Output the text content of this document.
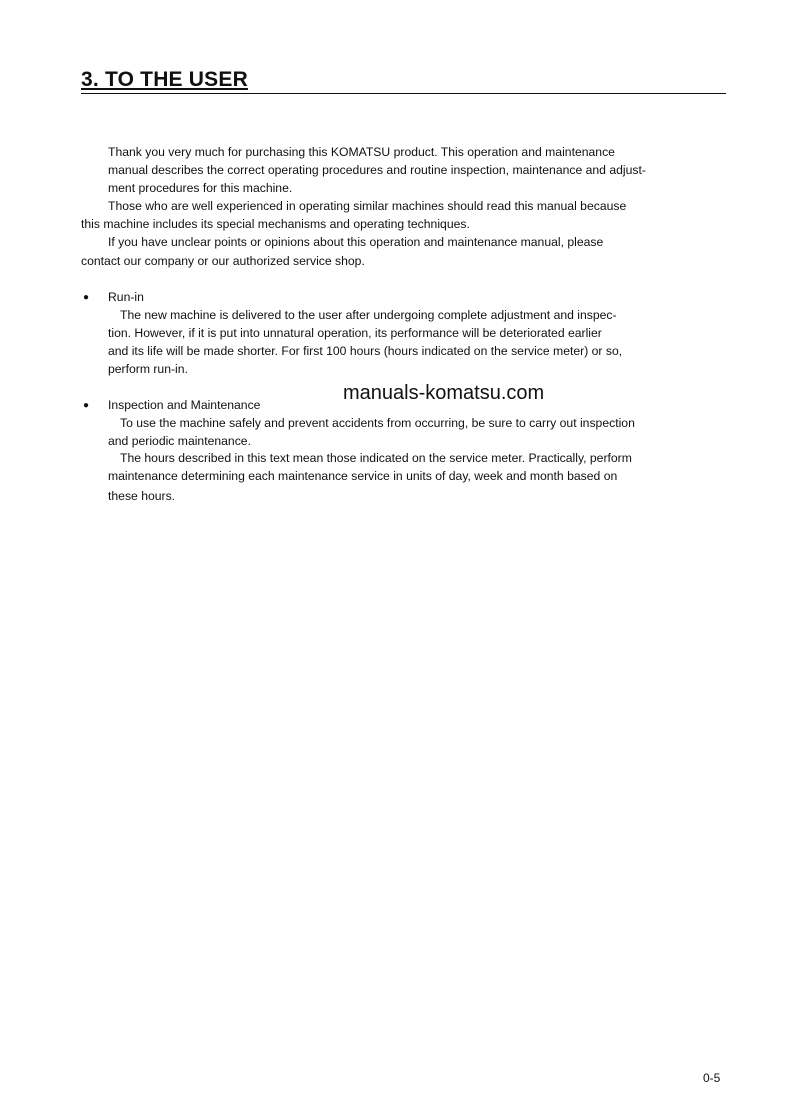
3. TO THE USER
Thank you very much for purchasing this KOMATSU product. This operation and maintenance
manual describes the correct operating procedures and routine inspection, maintenance and adjust-
ment procedures for this machine.
Those who are well experienced in operating similar machines should read this manual because
this machine includes its special mechanisms and operating techniques.
If you have unclear points or opinions about this operation and maintenance manual, please
contact our company or our authorized service shop.
● Run-in
The new machine is delivered to the user after undergoing complete adjustment and inspec-
tion. However, if it is put into unnatural operation, its performance will be deteriorated earlier
and its life will be made shorter. For first 100 hours (hours indicated on the service meter) or so,
perform run-in.
manuals-komatsu.com
● Inspection and Maintenance
To use the machine safely and prevent accidents from occurring, be sure to carry out inspection
and periodic maintenance.
The hours described in this text mean those indicated on the service meter. Practically, perform
maintenance determining each maintenance service in units of day, week and month based on
these hours.
0-5
